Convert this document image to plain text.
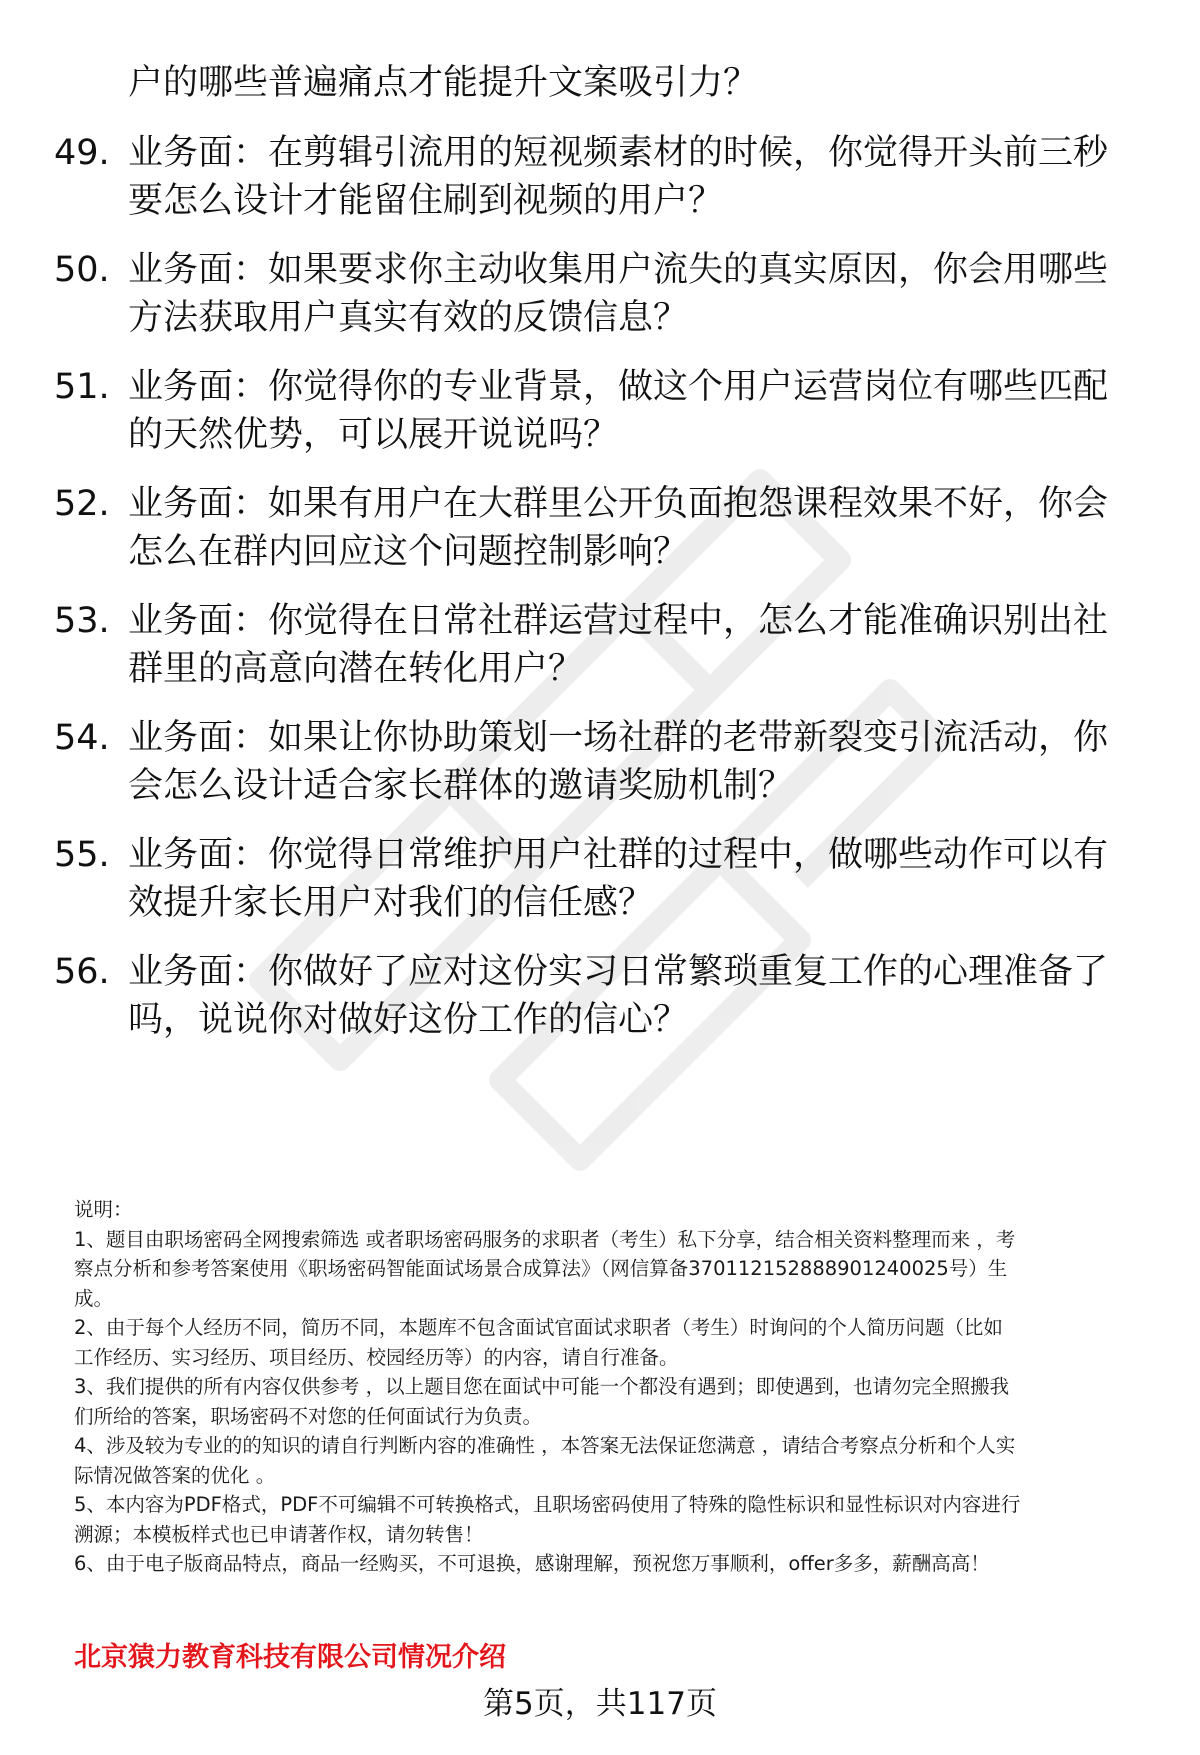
户的哪些普遍痛点才能提升文案吸引力？
49. 业务面：在剪辑引流用的短视频素材的时候，你觉得开头前三秒
要怎么设计才能留住刷到视频的用户？
50. 业务面：如果要求你主动收集用户流失的真实原因，你会用哪些
方法获取用户真实有效的反馈信息？
51. 业务面：你觉得你的专业背景，做这个用户运营岗位有哪些匹配
的天然优势，可以展开说说吗？
52. 业务面：如果有用户在大群里公开负面抱怨课程效果不好，你会
怎么在群内回应这个问题控制影响？
53. 业务面：你觉得在日常社群运营过程中，怎么才能准确识别出社
群里的高意向潜在转化用户？
54. 业务面：如果让你协助策划一场社群的老带新裂变引流活动，你
会怎么设计适合家长群体的邀请奖励机制？
55. 业务面：你觉得日常维护用户社群的过程中，做哪些动作可以有
效提升家长用户对我们的信任感？
56. 业务面：你做好了应对这份实习日常繁琐重复工作的心理准备了
吗，说说你对做好这份工作的信心？
说明：
1、题目由职场密码全网搜索筛选 或者职场密码服务的求职者（考生）私下分享，结合相关资料整理而来 ，考
察点分析和参考答案使用《职场密码智能面试场景合成算法》（网信算备370112152888901240025号）生
成。
2、由于每个人经历不同，简历不同，本题库不包含面试官面试求职者（考生）时询问的个人简历问题（比如
工作经历、实习经历、项目经历、校园经历等）的内容，请自行准备。
3、我们提供的所有内容仅供参考 ，以上题目您在面试中可能一个都没有遇到；即使遇到，也请勿完全照搬我
们所给的答案，职场密码不对您的任何面试行为负责。
4、涉及较为专业的的知识的请自行判断内容的准确性 ，本答案无法保证您满意 ，请结合考察点分析和个人实
际情况做答案的优化 。
5、本内容为PDF格式，PDF不可编辑不可转换格式，且职场密码使用了特殊的隐性标识和显性标识对内容进行
溯源；本模板样式也已申请著作权，请勿转售！
6、由于电子版商品特点，商品一经购买，不可退换，感谢理解，预祝您万事顺利，offer多多，薪酬高高！
北京猿力教育科技有限公司情况介绍
第5页，共117页
